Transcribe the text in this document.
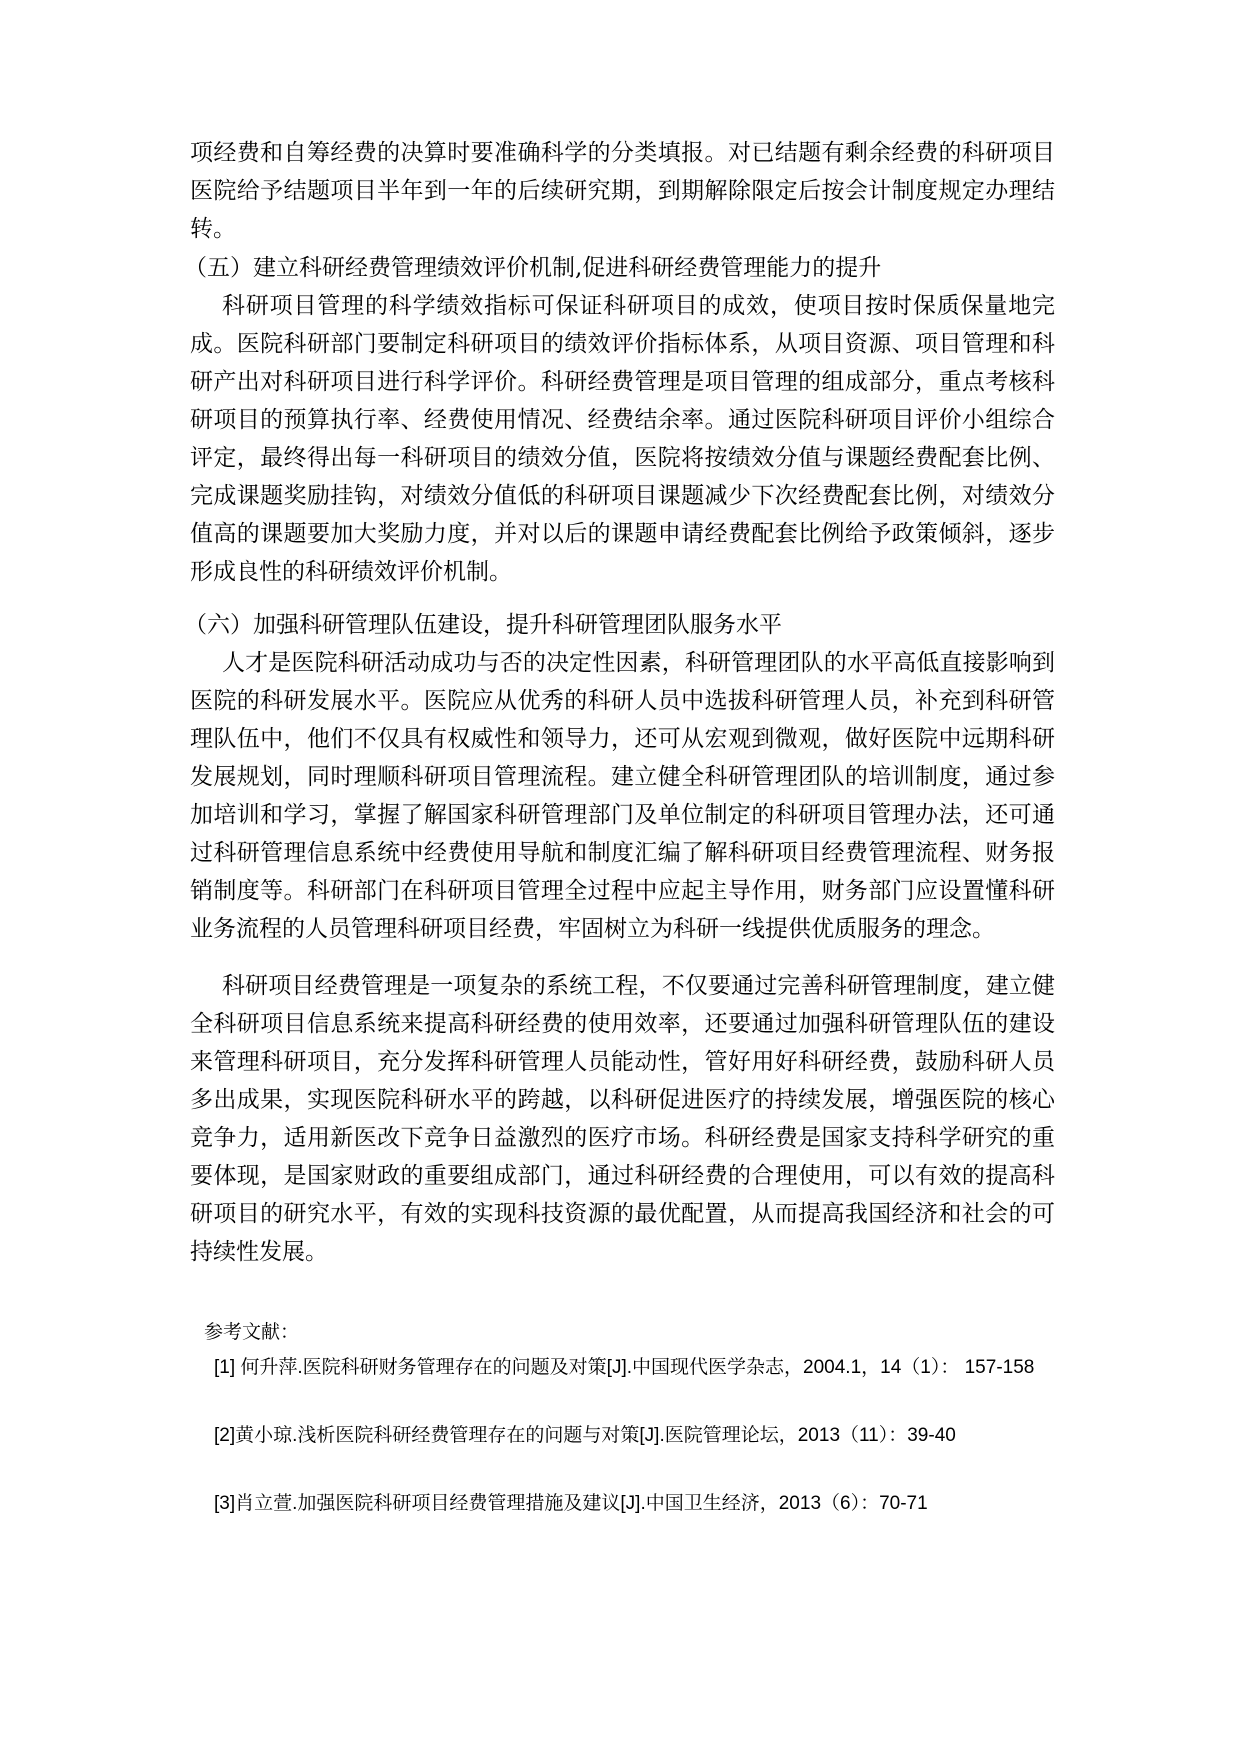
项经费和自筹经费的决算时要准确科学的分类填报。对已结题有剩余经费的科研项目医院给予结题项目半年到一年的后续研究期，到期解除限定后按会计制度规定办理结转。

（五）建立科研经费管理绩效评价机制,促进科研经费管理能力的提升

科研项目管理的科学绩效指标可保证科研项目的成效，使项目按时保质保量地完成。医院科研部门要制定科研项目的绩效评价指标体系，从项目资源、项目管理和科研产出对科研项目进行科学评价。科研经费管理是项目管理的组成部分，重点考核科研项目的预算执行率、经费使用情况、经费结余率。通过医院科研项目评价小组综合评定，最终得出每一科研项目的绩效分值，医院将按绩效分值与课题经费配套比例、完成课题奖励挂钩，对绩效分值低的科研项目课题减少下次经费配套比例，对绩效分值高的课题要加大奖励力度，并对以后的课题申请经费配套比例给予政策倾斜，逐步形成良性的科研绩效评价机制。

（六）加强科研管理队伍建设，提升科研管理团队服务水平

人才是医院科研活动成功与否的决定性因素，科研管理团队的水平高低直接影响到医院的科研发展水平。医院应从优秀的科研人员中选拔科研管理人员，补充到科研管理队伍中，他们不仅具有权威性和领导力，还可从宏观到微观，做好医院中远期科研发展规划，同时理顺科研项目管理流程。建立健全科研管理团队的培训制度，通过参加培训和学习，掌握了解国家科研管理部门及单位制定的科研项目管理办法，还可通过科研管理信息系统中经费使用导航和制度汇编了解科研项目经费管理流程、财务报销制度等。科研部门在科研项目管理全过程中应起主导作用，财务部门应设置懂科研业务流程的人员管理科研项目经费，牢固树立为科研一线提供优质服务的理念。

科研项目经费管理是一项复杂的系统工程，不仅要通过完善科研管理制度，建立健全科研项目信息系统来提高科研经费的使用效率，还要通过加强科研管理队伍的建设来管理科研项目，充分发挥科研管理人员能动性，管好用好科研经费，鼓励科研人员多出成果，实现医院科研水平的跨越，以科研促进医疗的持续发展，增强医院的核心竞争力，适用新医改下竞争日益激烈的医疗市场。科研经费是国家支持科学研究的重要体现，是国家财政的重要组成部门，通过科研经费的合理使用，可以有效的提高科研项目的研究水平，有效的实现科技资源的最优配置，从而提高我国经济和社会的可持续性发展。

参考文献：

[1] 何升萍.医院科研财务管理存在的问题及对策[J].中国现代医学杂志，2004.1，14（1）： 157-158

[2]黄小琼.浅析医院科研经费管理存在的问题与对策[J].医院管理论坛，2013（11）：39-40

[3]肖立萱.加强医院科研项目经费管理措施及建议[J].中国卫生经济，2013（6）：70-71
